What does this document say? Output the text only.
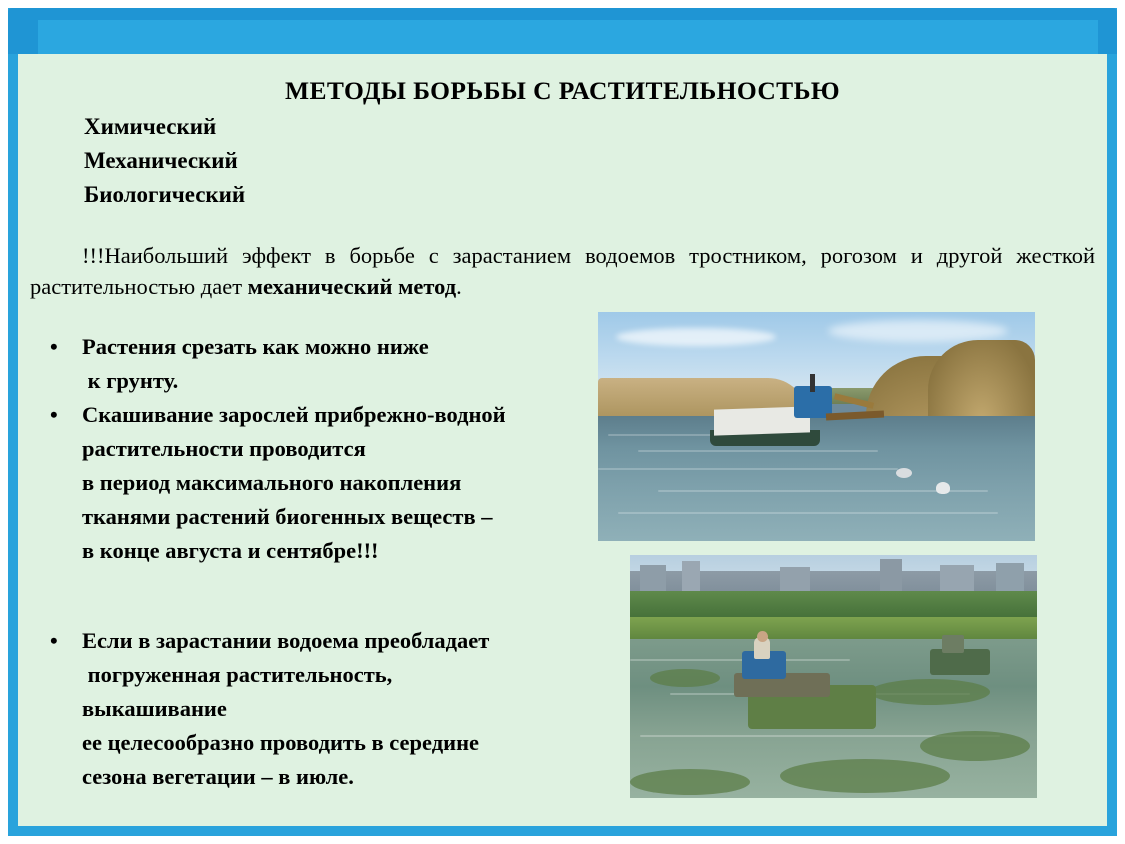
МЕТОДЫ БОРЬБЫ С РАСТИТЕЛЬНОСТЬЮ
Химический
Механический
Биологический
!!!Наибольший эффект в борьбе с зарастанием водоемов тростником, рогозом и другой жесткой растительностью дает механический метод.
• Растения срезать как можно ниже
к грунту.
• Скашивание зарослей прибрежно-водной
растительности проводится
в период максимального накопления
тканями растений биогенных веществ –
в конце августа и сентябре!!!
• Если в зарастании водоема преобладает
погруженная растительность,
выкашивание
ее целесообразно проводить в середине
сезона вегетации – в июле.
